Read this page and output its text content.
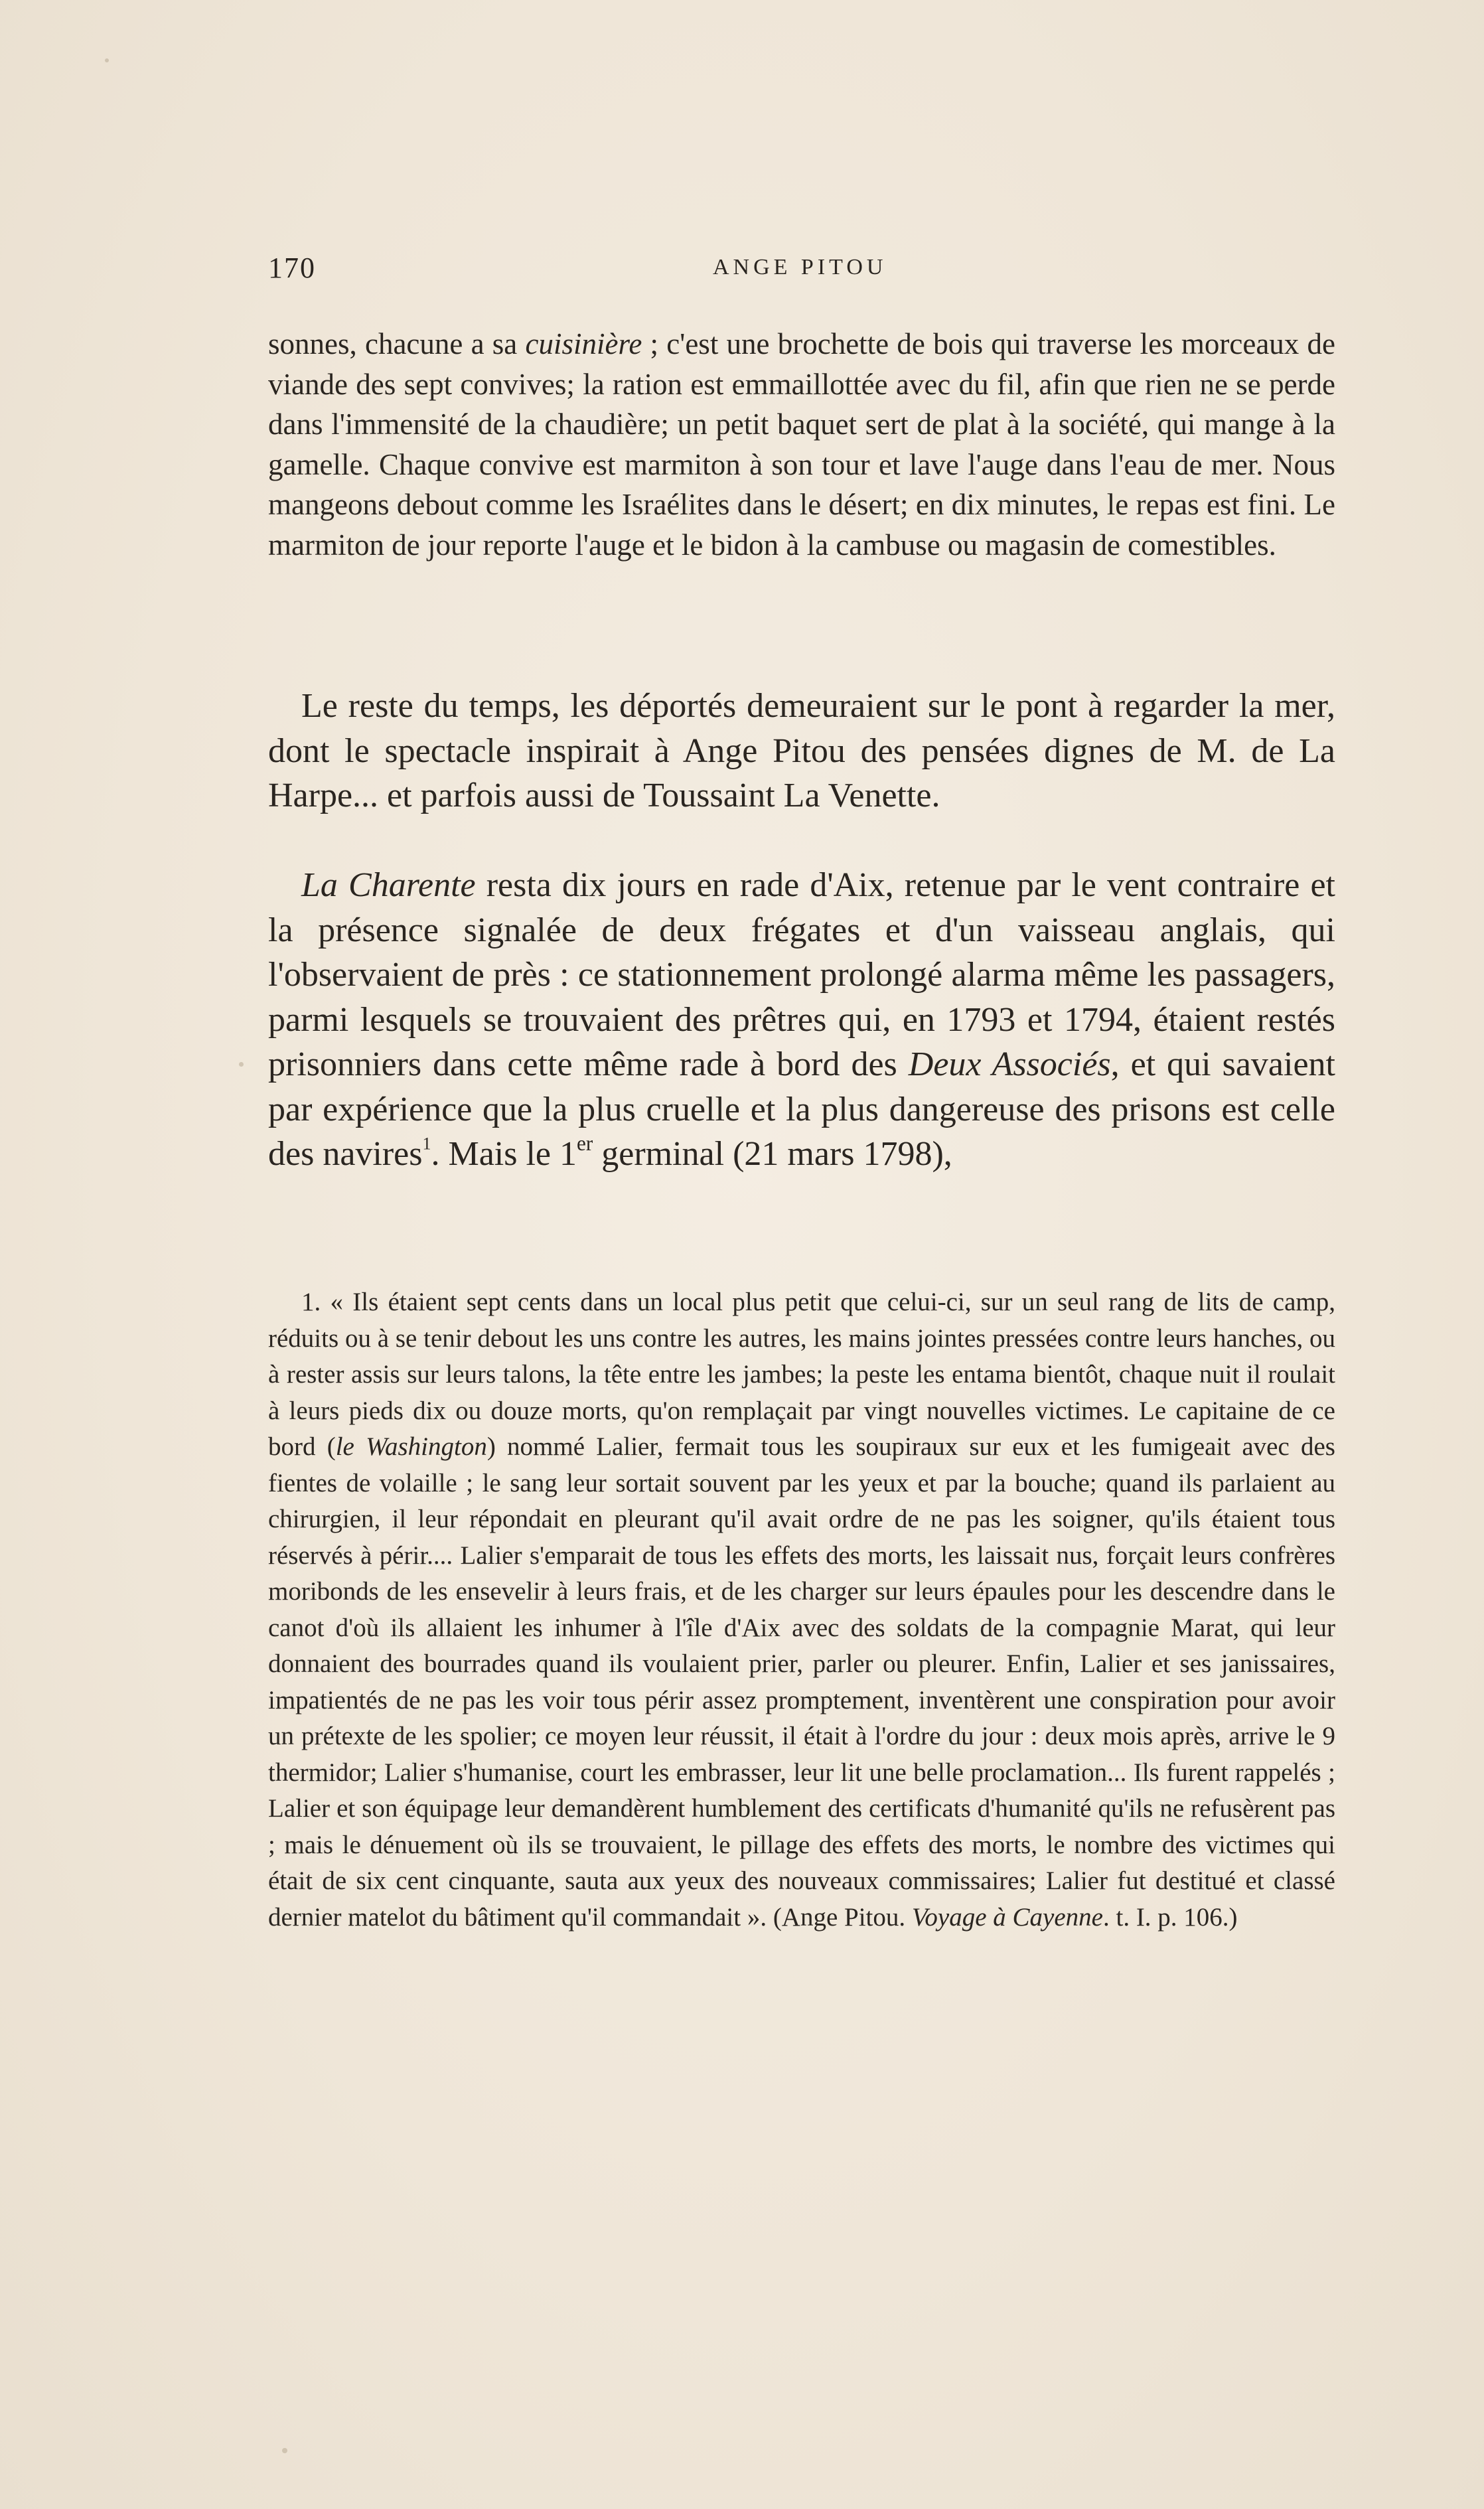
170	ANGE PITOU

sonnes, chacune a sa cuisinière ; c'est une brochette de bois qui traverse les morceaux de viande des sept convives; la ration est emmaillottée avec du fil, afin que rien ne se perde dans l'immensité de la chaudière; un petit baquet sert de plat à la société, qui mange à la gamelle. Chaque convive est marmiton à son tour et lave l'auge dans l'eau de mer. Nous mangeons debout comme les Israélites dans le désert; en dix minutes, le repas est fini. Le marmiton de jour reporte l'auge et le bidon à la cambuse ou magasin de comestibles.

Le reste du temps, les déportés demeuraient sur le pont à regarder la mer, dont le spectacle inspirait à Ange Pitou des pensées dignes de M. de La Harpe... et parfois aussi de Toussaint La Venette.

La Charente resta dix jours en rade d'Aix, retenue par le vent contraire et la présence signalée de deux frégates et d'un vaisseau anglais, qui l'observaient de près : ce stationnement prolongé alarma même les passagers, parmi lesquels se trouvaient des prêtres qui, en 1793 et 1794, étaient restés prisonniers dans cette même rade à bord des Deux Associés, et qui savaient par expérience que la plus cruelle et la plus dangereuse des prisons est celle des navires$^1$. Mais le 1er germinal (21 mars 1798),

1. « Ils étaient sept cents dans un local plus petit que celui-ci, sur un seul rang de lits de camp, réduits ou à se tenir debout les uns contre les autres, les mains jointes pressées contre leurs hanches, ou à rester assis sur leurs talons, la tête entre les jambes; la peste les entama bientôt, chaque nuit il roulait à leurs pieds dix ou douze morts, qu'on remplaçait par vingt nouvelles victimes. Le capitaine de ce bord (le Washington) nommé Lalier, fermait tous les soupiraux sur eux et les fumigeait avec des fientes de volaille ; le sang leur sortait souvent par les yeux et par la bouche; quand ils parlaient au chirurgien, il leur répondait en pleurant qu'il avait ordre de ne pas les soigner, qu'ils étaient tous réservés à périr.... Lalier s'emparait de tous les effets des morts, les laissait nus, forçait leurs confrères moribonds de les ensevelir à leurs frais, et de les charger sur leurs épaules pour les descendre dans le canot d'où ils allaient les inhumer à l'île d'Aix avec des soldats de la compagnie Marat, qui leur donnaient des bourrades quand ils voulaient prier, parler ou pleurer. Enfin, Lalier et ses janissaires, impatientés de ne pas les voir tous périr assez promptement, inventèrent une conspiration pour avoir un prétexte de les spolier; ce moyen leur réussit, il était à l'ordre du jour : deux mois après, arrive le 9 thermidor; Lalier s'humanise, court les embrasser, leur lit une belle proclamation... Ils furent rappelés ; Lalier et son équipage leur demandèrent humblement des certificats d'humanité qu'ils ne refusèrent pas ; mais le dénuement où ils se trouvaient, le pillage des effets des morts, le nombre des victimes qui était de six cent cinquante, sauta aux yeux des nouveaux commissaires; Lalier fut destitué et classé dernier matelot du bâtiment qu'il commandait ». (Ange Pitou. Voyage à Cayenne. t. I. p. 106.)
